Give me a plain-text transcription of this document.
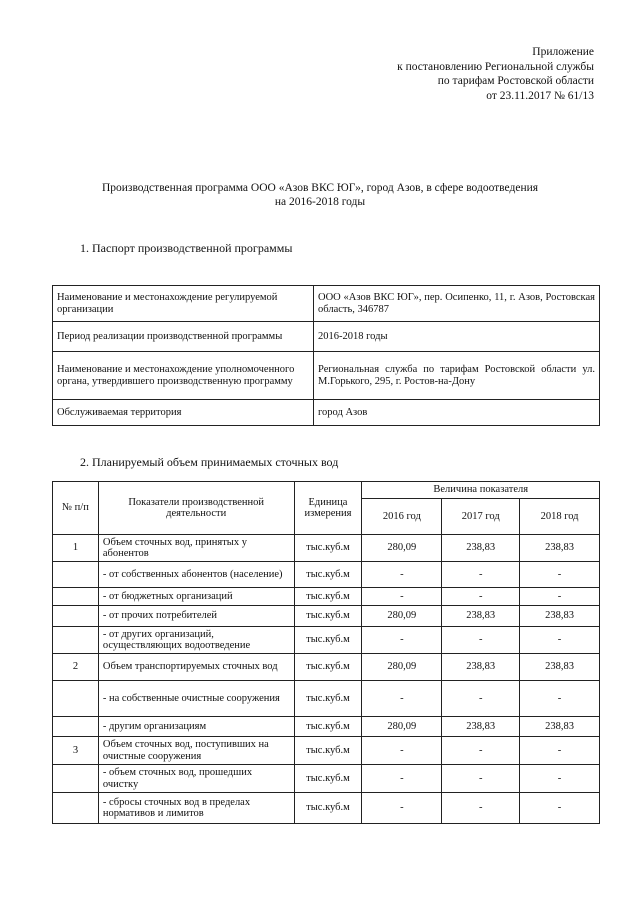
Приложение
к постановлению Региональной службы
по тарифам Ростовской области
от 23.11.2017 № 61/13
Производственная программа ООО «Азов ВКС ЮГ», город Азов, в сфере водоотведения
на 2016-2018 годы
1. Паспорт производственной программы
Наименование и местонахождение регулируемой организации	ООО «Азов ВКС ЮГ», пер. Осипенко, 11, г. Азов, Ростовская область, 346787
Период реализации производственной программы	2016-2018 годы
Наименование и местонахождение уполномоченного органа, утвердившего производственную программу	Региональная служба по тарифам Ростовской области ул. М.Горького, 295, г. Ростов-на-Дону
Обслуживаемая территория	город Азов
2. Планируемый объем принимаемых сточных вод
№ п/п	Показатели производственной деятельности	Единица измерения	Величина показателя		
			2016 год	2017 год	2018 год
1	Объем сточных вод, принятых у абонентов	тыс.куб.м	280,09	238,83	238,83
	- от собственных абонентов (население)	тыс.куб.м	-	-	-
	- от бюджетных организаций	тыс.куб.м	-	-	-
	- от прочих потребителей	тыс.куб.м	280,09	238,83	238,83
	- от других организаций, осуществляющих водоотведение	тыс.куб.м	-	-	-
2	Объем транспортируемых сточных вод	тыс.куб.м	280,09	238,83	238,83
	- на собственные очистные сооружения	тыс.куб.м	-	-	-
	- другим организациям	тыс.куб.м	280,09	238,83	238,83
3	Объем сточных вод, поступивших на очистные сооружения	тыс.куб.м	-	-	-
	- объем сточных вод, прошедших очистку	тыс.куб.м	-	-	-
	- сбросы сточных вод в пределах нормативов и лимитов	тыс.куб.м	-	-	-
